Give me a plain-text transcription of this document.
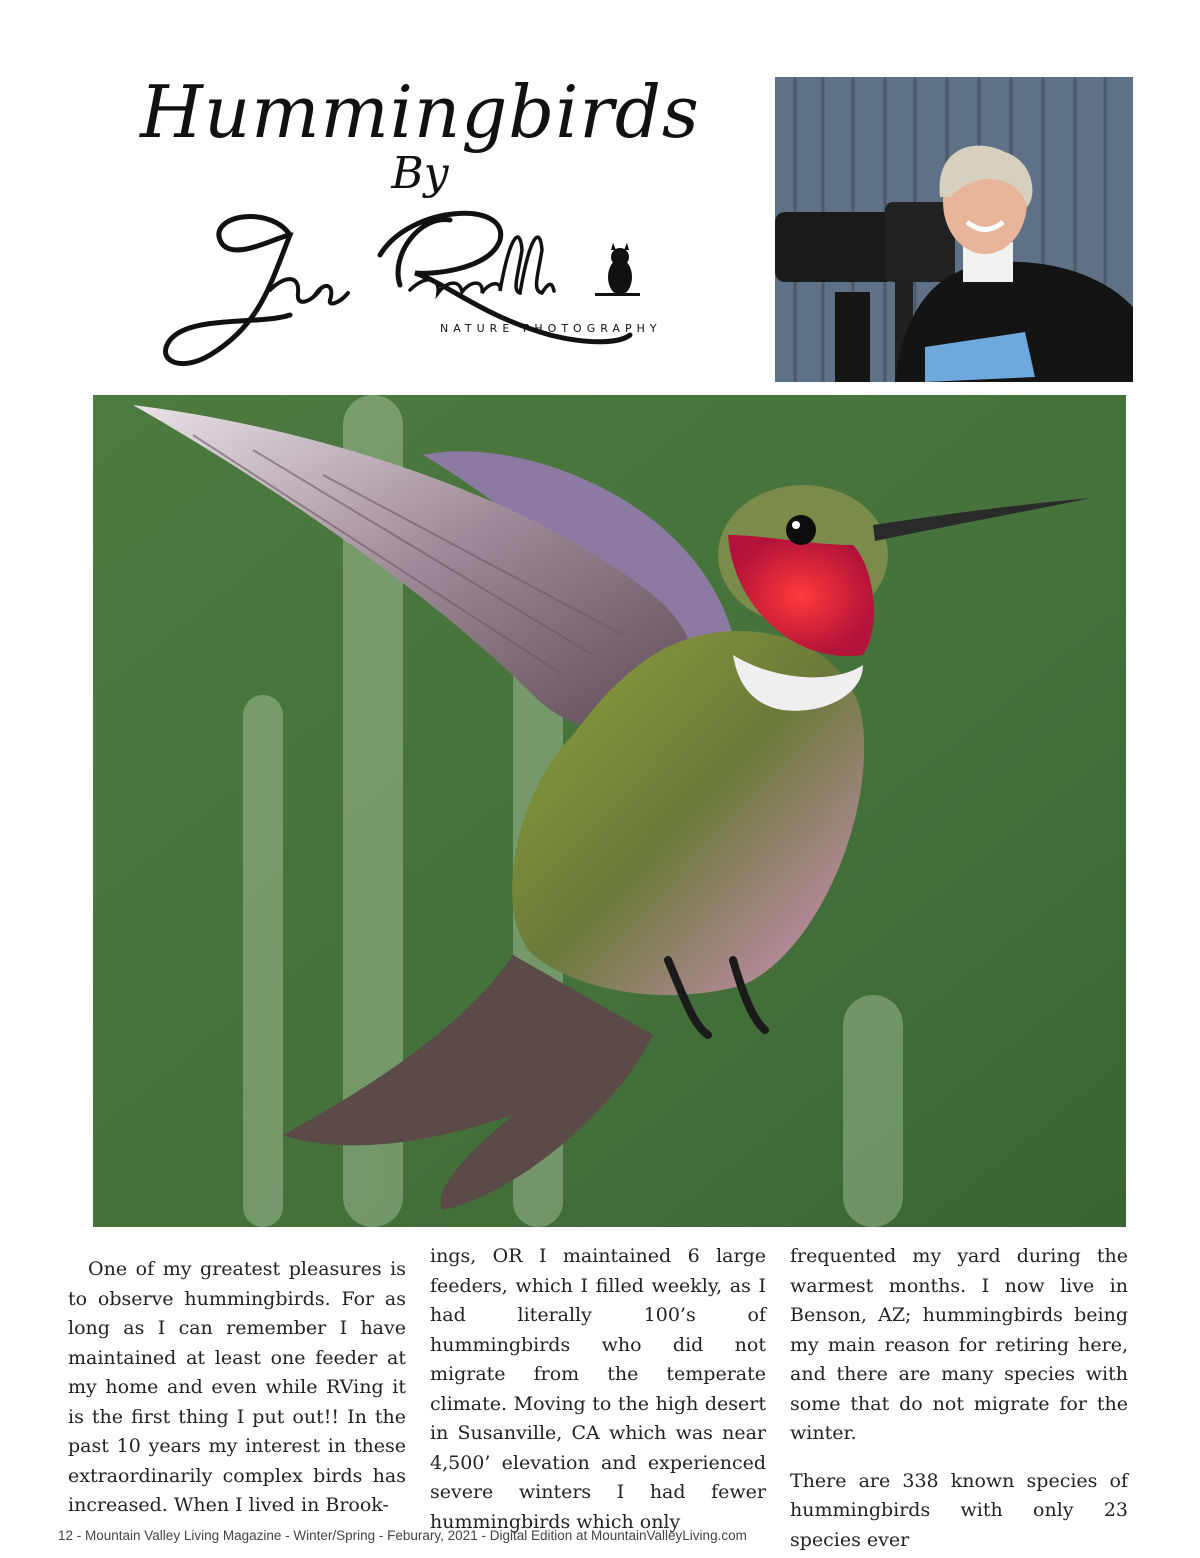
Hummingbirds
By
NATURE PHOTOGRAPHY

One of my greatest pleasures is to observe hummingbirds. For as long as I can remember I have maintained at least one feeder at my home and even while RVing it is the first thing I put out!! In the past 10 years my interest in these extraordinarily complex birds has increased. When I lived in Brook-

ings, OR I maintained 6 large feeders, which I filled weekly, as I had literally 100’s of hummingbirds who did not migrate from the temperate climate. Moving to the high desert in Susanville, CA which was near 4,500’ elevation and experienced severe winters I had fewer hummingbirds which only

frequented my yard during the warmest months. I now live in Benson, AZ; hummingbirds being my main reason for retiring here, and there are many species with some that do not migrate for the winter.

There are 338 known species of hummingbirds with only 23 species ever

12 - Mountain Valley Living Magazine - Winter/Spring - Feburary, 2021 - Digital Edition at MountainValleyLiving.com
